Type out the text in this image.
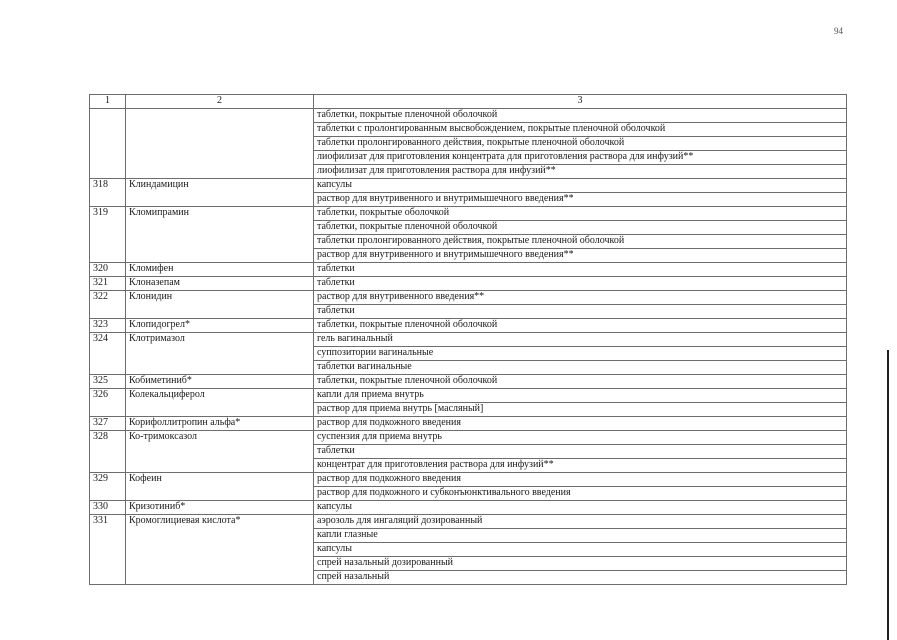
94
1	2	3
		таблетки, покрытые пленочной оболочкой
		таблетки с пролонгированным высвобождением, покрытые пленочной оболочкой
		таблетки пролонгированного действия, покрытые пленочной оболочкой
		лиофилизат для приготовления концентрата для приготовления раствора для инфузий**
		лиофилизат для приготовления раствора для инфузий**
318	Клиндамицин	капсулы
		раствор для внутривенного и внутримышечного введения**
319	Кломипрамин	таблетки, покрытые оболочкой
		таблетки, покрытые пленочной оболочкой
		таблетки пролонгированного действия, покрытые пленочной оболочкой
		раствор для внутривенного и внутримышечного введения**
320	Кломифен	таблетки
321	Клоназепам	таблетки
322	Клонидин	раствор для внутривенного введения**
		таблетки
323	Клопидогрел*	таблетки, покрытые пленочной оболочкой
324	Клотримазол	гель вагинальный
		суппозитории вагинальные
		таблетки вагинальные
325	Кобиметиниб*	таблетки, покрытые пленочной оболочкой
326	Колекальциферол	капли для приема внутрь
		раствор для приема внутрь [масляный]
327	Корифоллитропин альфа*	раствор для подкожного введения
328	Ко-тримоксазол	суспензия для приема внутрь
		таблетки
		концентрат для приготовления раствора для инфузий**
329	Кофеин	раствор для подкожного введения
		раствор для подкожного и субконъюнктивального введения
330	Кризотиниб*	капсулы
331	Кромоглициевая кислота*	аэрозоль для ингаляций дозированный
		капли глазные
		капсулы
		спрей назальный дозированный
		спрей назальный
